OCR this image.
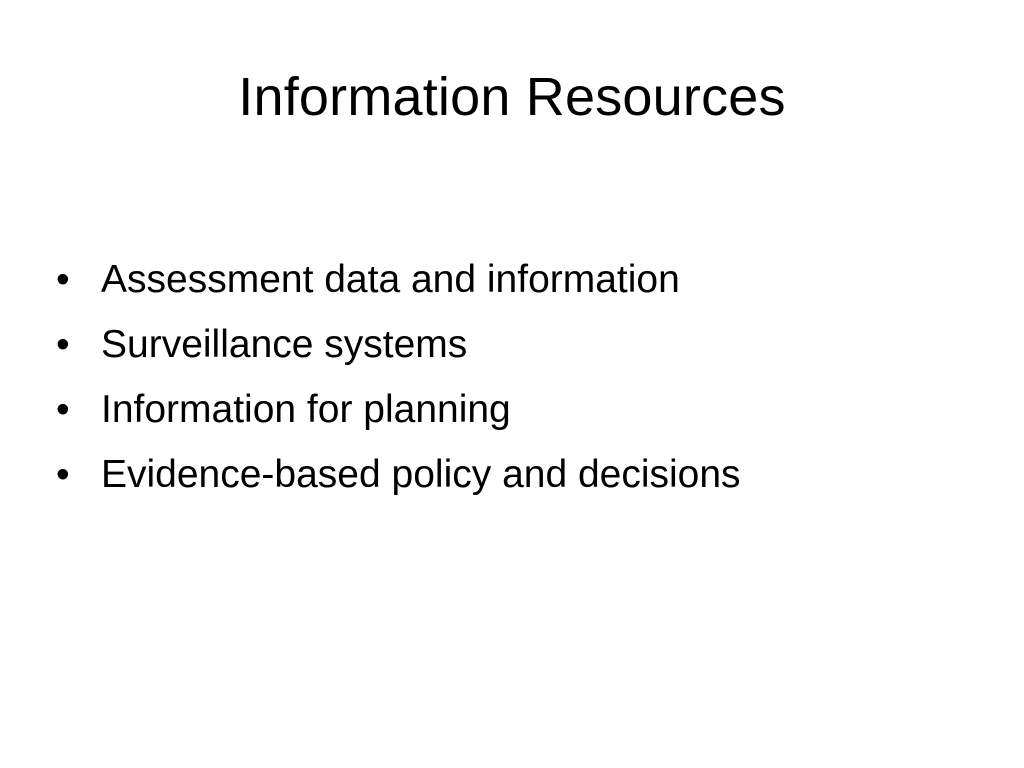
Information Resources
• Assessment data and information
• Surveillance systems
• Information for planning
• Evidence-based policy and decisions
